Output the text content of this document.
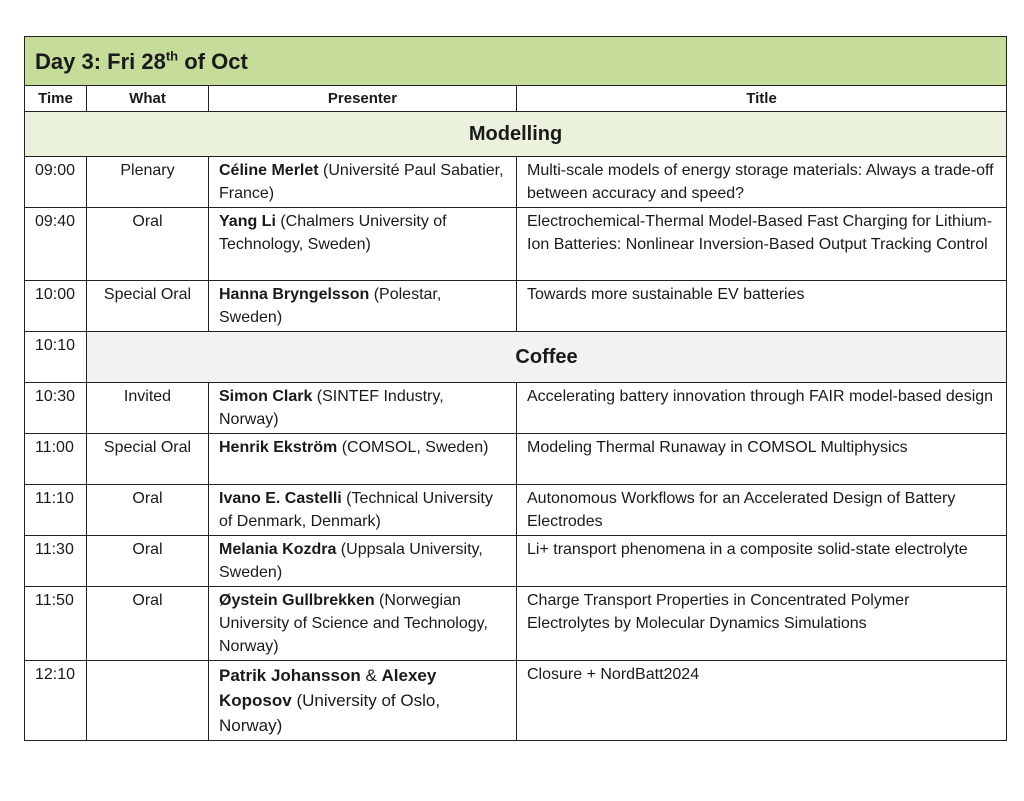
Day 3: Fri 28th of Oct			
Time	What	Presenter	Title
Modelling			
09:00	Plenary	Céline Merlet (Université Paul Sabatier, France)	Multi-scale models of energy storage materials: Always a trade-off between accuracy and speed?
09:40	Oral	Yang Li (Chalmers University of Technology, Sweden)	Electrochemical-Thermal Model-Based Fast Charging for Lithium-Ion Batteries: Nonlinear Inversion-Based Output Tracking Control
10:00	Special Oral	Hanna Bryngelsson (Polestar, Sweden)	Towards more sustainable EV batteries
10:10	Coffee		
10:30	Invited	Simon Clark (SINTEF Industry, Norway)	Accelerating battery innovation through FAIR model-based design
11:00	Special Oral	Henrik Ekström (COMSOL, Sweden)	Modeling Thermal Runaway in COMSOL Multiphysics
11:10	Oral	Ivano E. Castelli (Technical University of Denmark, Denmark)	Autonomous Workflows for an Accelerated Design of Battery Electrodes
11:30	Oral	Melania Kozdra (Uppsala University, Sweden)	Li+ transport phenomena in a composite solid-state electrolyte
11:50	Oral	Øystein Gullbrekken (Norwegian University of Science and Technology, Norway)	Charge Transport Properties in Concentrated Polymer Electrolytes by Molecular Dynamics Simulations
12:10		Patrik Johansson & Alexey Koposov (University of Oslo, Norway)	Closure + NordBatt2024
